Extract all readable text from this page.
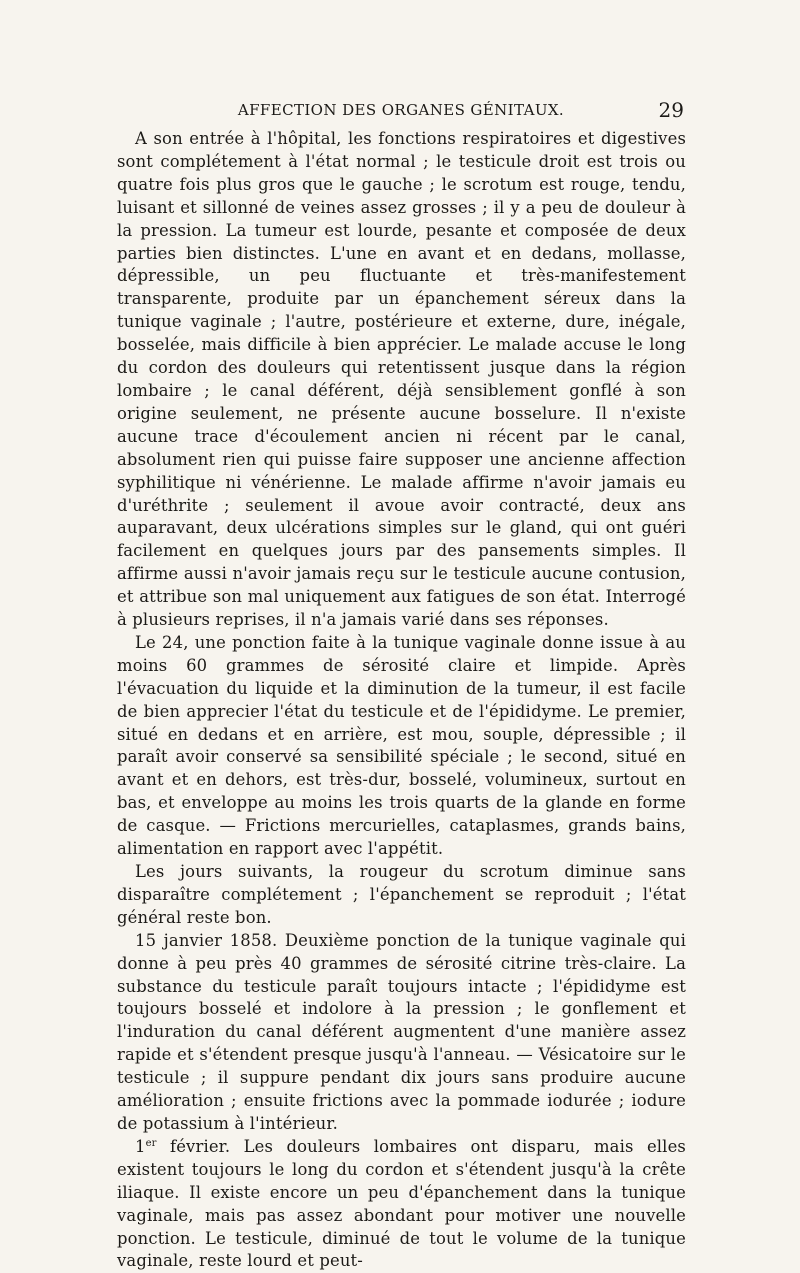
AFFECTION DES ORGANES GÉNITAUX.	29

A son entrée à l'hôpital, les fonctions respiratoires et digestives sont complétement à l'état normal ; le testicule droit est trois ou quatre fois plus gros que le gauche ; le scrotum est rouge, tendu, luisant et sillonné de veines assez grosses ; il y a peu de douleur à la pression. La tumeur est lourde, pesante et composée de deux parties bien distinctes. L'une en avant et en dedans, mollasse, dépressible, un peu fluctuante et très-manifestement transparente, produite par un épanchement séreux dans la tunique vaginale ; l'autre, postérieure et externe, dure, inégale, bosselée, mais difficile à bien apprécier. Le malade accuse le long du cordon des douleurs qui retentissent jusque dans la région lombaire ; le canal déférent, déjà sensiblement gonflé à son origine seulement, ne présente aucune bosselure. Il n'existe aucune trace d'écoulement ancien ni récent par le canal, absolument rien qui puisse faire supposer une ancienne affection syphilitique ni vénérienne. Le malade affirme n'avoir jamais eu d'uréthrite ; seulement il avoue avoir contracté, deux ans auparavant, deux ulcérations simples sur le gland, qui ont guéri facilement en quelques jours par des pansements simples. Il affirme aussi n'avoir jamais reçu sur le testicule aucune contusion, et attribue son mal uniquement aux fatigues de son état. Interrogé à plusieurs reprises, il n'a jamais varié dans ses réponses.

Le 24, une ponction faite à la tunique vaginale donne issue à au moins 60 grammes de sérosité claire et limpide. Après l'évacuation du liquide et la diminution de la tumeur, il est facile de bien apprecier l'état du testicule et de l'épididyme. Le premier, situé en dedans et en arrière, est mou, souple, dépressible ; il paraît avoir conservé sa sensibilité spéciale ; le second, situé en avant et en dehors, est très-dur, bosselé, volumineux, surtout en bas, et enveloppe au moins les trois quarts de la glande en forme de casque. — Frictions mercurielles, cataplasmes, grands bains, alimentation en rapport avec l'appétit.

Les jours suivants, la rougeur du scrotum diminue sans disparaître complétement ; l'épanchement se reproduit ; l'état général reste bon.

15 janvier 1858. Deuxième ponction de la tunique vaginale qui donne à peu près 40 grammes de sérosité citrine très-claire. La substance du testicule paraît toujours intacte ; l'épididyme est toujours bosselé et indolore à la pression ; le gonflement et l'induration du canal déférent augmentent d'une manière assez rapide et s'étendent presque jusqu'à l'anneau. — Vésicatoire sur le testicule ; il suppure pendant dix jours sans produire aucune amélioration ; ensuite frictions avec la pommade iodurée ; iodure de potassium à l'intérieur.

1er février. Les douleurs lombaires ont disparu, mais elles existent toujours le long du cordon et s'étendent jusqu'à la crête iliaque. Il existe encore un peu d'épanchement dans la tunique vaginale, mais pas assez abondant pour motiver une nouvelle ponction. Le testicule, diminué de tout le volume de la tunique vaginale, reste lourd et peut-
